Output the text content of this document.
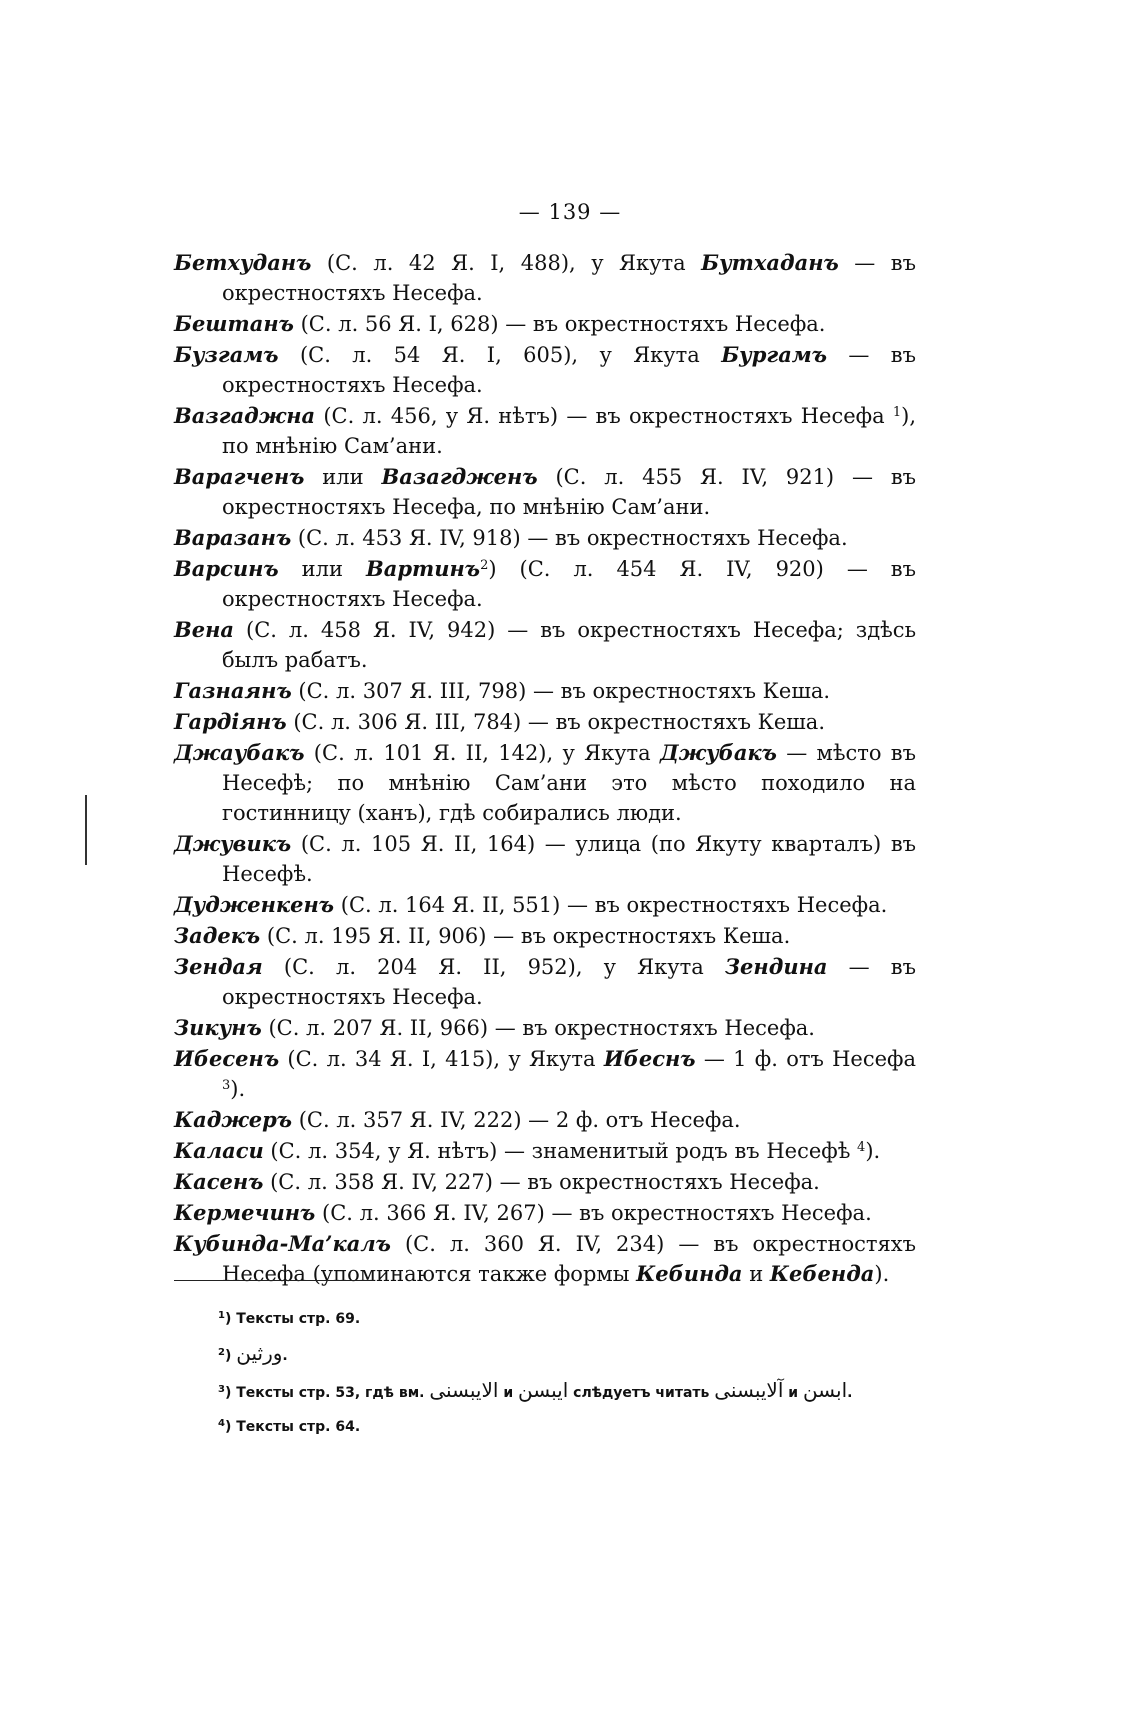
— 139 —
Бетхуданъ (С. л. 42 Я. I, 488), у Якута Бутхаданъ — въ окрестностяхъ Несефа.
Бештанъ (С. л. 56 Я. I, 628) — въ окрестностяхъ Несефа.
Бузгамъ (С. л. 54 Я. I, 605), у Якута Бургамъ — въ окрестностяхъ Несефа.
Вазгаджна (С. л. 456, у Я. нѣтъ) — въ окрестностяхъ Несефа $^1$), по мнѣнію Сам’ани.
Варагченъ или Вазагдженъ (С. л. 455 Я. IV, 921) — въ окрестностяхъ Несефа, по мнѣнію Сам’ани.
Варазанъ (С. л. 453 Я. IV, 918) — въ окрестностяхъ Несефа.
Варсинъ или Вартинъ$^2$) (С. л. 454 Я. IV, 920) — въ окрестностяхъ Несефа.
Вена (С. л. 458 Я. IV, 942) — въ окрестностяхъ Несефа; здѣсь былъ рабатъ.
Газнаянъ (С. л. 307 Я. III, 798) — въ окрестностяхъ Кеша.
Гардіянъ (С. л. 306 Я. III, 784) — въ окрестностяхъ Кеша.
Джаубакъ (С. л. 101 Я. II, 142), у Якута Джубакъ — мѣсто въ Несефѣ; по мнѣнію Сам’ани это мѣсто походило на гостинницу (ханъ), гдѣ собирались люди.
Джувикъ (С. л. 105 Я. II, 164) — улица (по Якуту кварталъ) въ Несефѣ.
Дудженкенъ (С. л. 164 Я. II, 551) — въ окрестностяхъ Несефа.
Задекъ (С. л. 195 Я. II, 906) — въ окрестностяхъ Кеша.
Зендая (С. л. 204 Я. II, 952), у Якута Зендина — въ окрестностяхъ Несефа.
Зикунъ (С. л. 207 Я. II, 966) — въ окрестностяхъ Несефа.
Ибесенъ (С. л. 34 Я. I, 415), у Якута Ибеснъ — 1 ф. отъ Несефа $^3$).
Каджеръ (С. л. 357 Я. IV, 222) — 2 ф. отъ Несефа.
Каласи (С. л. 354, у Я. нѣтъ) — знаменитый родъ въ Несефѣ $^4$).
Касенъ (С. л. 358 Я. IV, 227) — въ окрестностяхъ Несефа.
Кермечинъ (С. л. 366 Я. IV, 267) — въ окрестностяхъ Несефа.
Кубинда-Ма’калъ (С. л. 360 Я. IV, 234) — въ окрестностяхъ Несефа (упоминаются также формы Кебинда и Кебенда).
$^1$) Тексты стр. 69.
$^2$) ورثين.
$^3$) Тексты стр. 53, гдѣ вм. الايبسنى и ايبسن слѣдуетъ читать آلايبسنى и ابسن.
$^4$) Тексты стр. 64.
